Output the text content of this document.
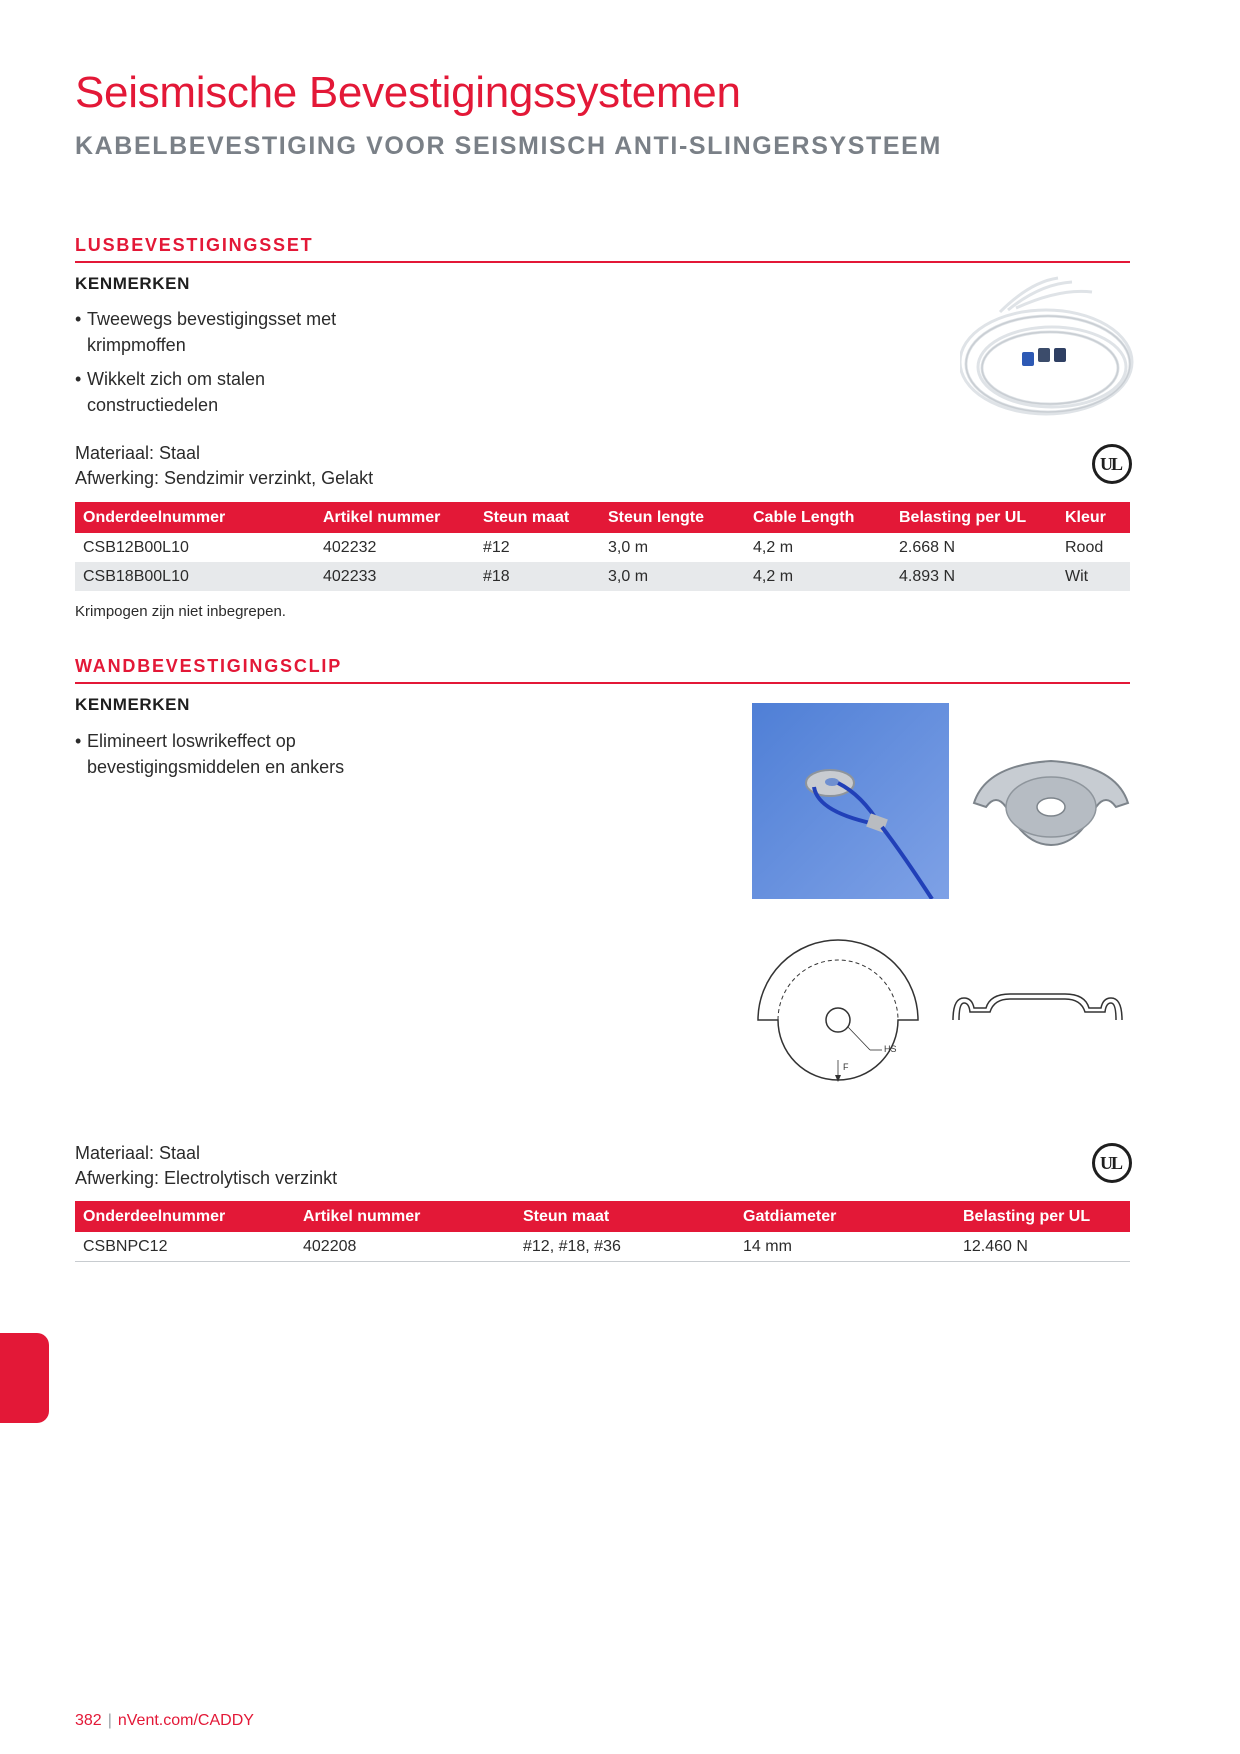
Seismische Bevestigingssystemen
KABELBEVESTIGING VOOR SEISMISCH ANTI-SLINGERSYSTEEM
LUSBEVESTIGINGSSET
KENMERKEN
• Tweewegs bevestigingsset met krimpmoffen
• Wikkelt zich om stalen constructiedelen
Materiaal: Staal
Afwerking: Sendzimir verzinkt, Gelakt
UL
Onderdeelnummer	Artikel nummer	Steun maat	Steun lengte	Cable Length	Belasting per UL	Kleur
CSB12B00L10	402232	#12	3,0 m	4,2 m	2.668 N	Rood
CSB18B00L10	402233	#18	3,0 m	4,2 m	4.893 N	Wit
Krimpogen zijn niet inbegrepen.
WANDBEVESTIGINGSCLIP
KENMERKEN
• Elimineert loswrikeffect op bevestigingsmiddelen en ankers
HS
F
Materiaal: Staal
Afwerking: Electrolytisch verzinkt
UL
Onderdeelnummer	Artikel nummer	Steun maat	Gatdiameter	Belasting per UL
CSBNPC12	402208	#12, #18, #36	14 mm	12.460 N
382 | nVent.com/CADDY
